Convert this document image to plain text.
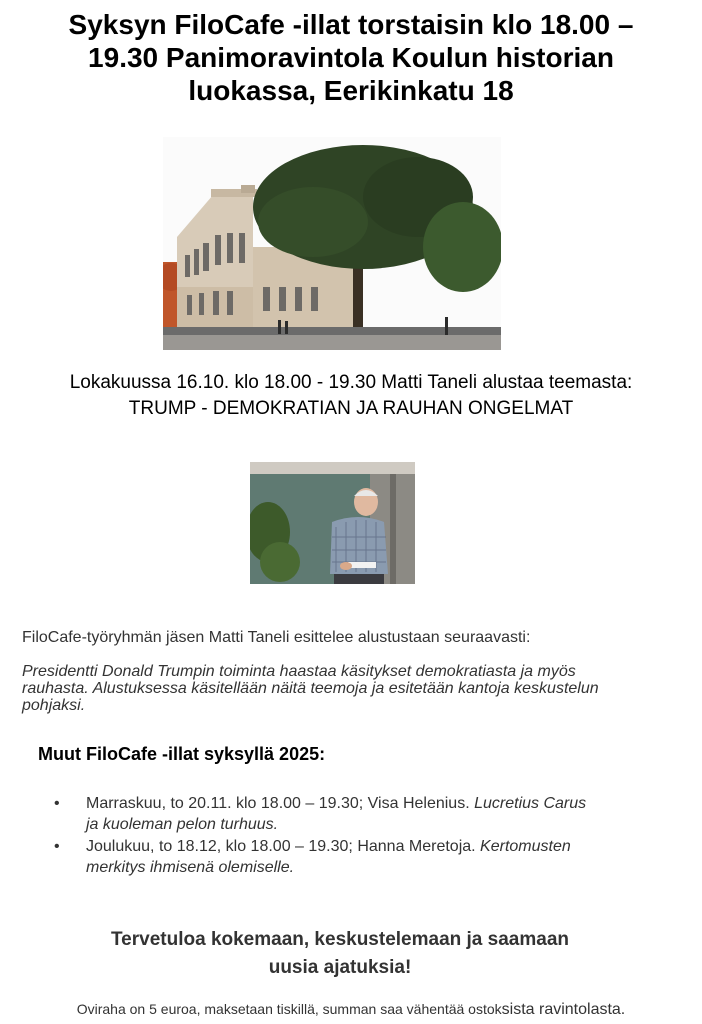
Syksyn FiloCafe -illat torstaisin klo 18.00 –
19.30 Panimoravintola Koulun historian
luokassa, Eerikinkatu 18
Lokakuussa 16.10. klo 18.00 - 19.30 Matti Taneli alustaa teemasta:
TRUMP - DEMOKRATIAN JA RAUHAN ONGELMAT
FiloCafe-työryhmän jäsen Matti Taneli esittelee alustustaan seuraavasti:
Presidentti Donald Trumpin toiminta haastaa käsitykset demokratiasta ja myös
rauhasta. Alustuksessa käsitellään näitä teemoja ja esitetään kantoja keskustelun
pohjaksi.
Muut FiloCafe -illat syksyllä 2025:
• Marraskuu, to 20.11. klo 18.00 – 19.30; Visa Helenius. Lucretius Carus
ja kuoleman pelon turhuus.
• Joulukuu, to 18.12, klo 18.00 – 19.30; Hanna Meretoja. Kertomusten
merkitys ihmisenä olemiselle.
Tervetuloa kokemaan, keskustelemaan ja saamaan
uusia ajatuksia!
Oviraha on 5 euroa, maksetaan tiskillä, summan saa vähentää ostoksista ravintolasta.
